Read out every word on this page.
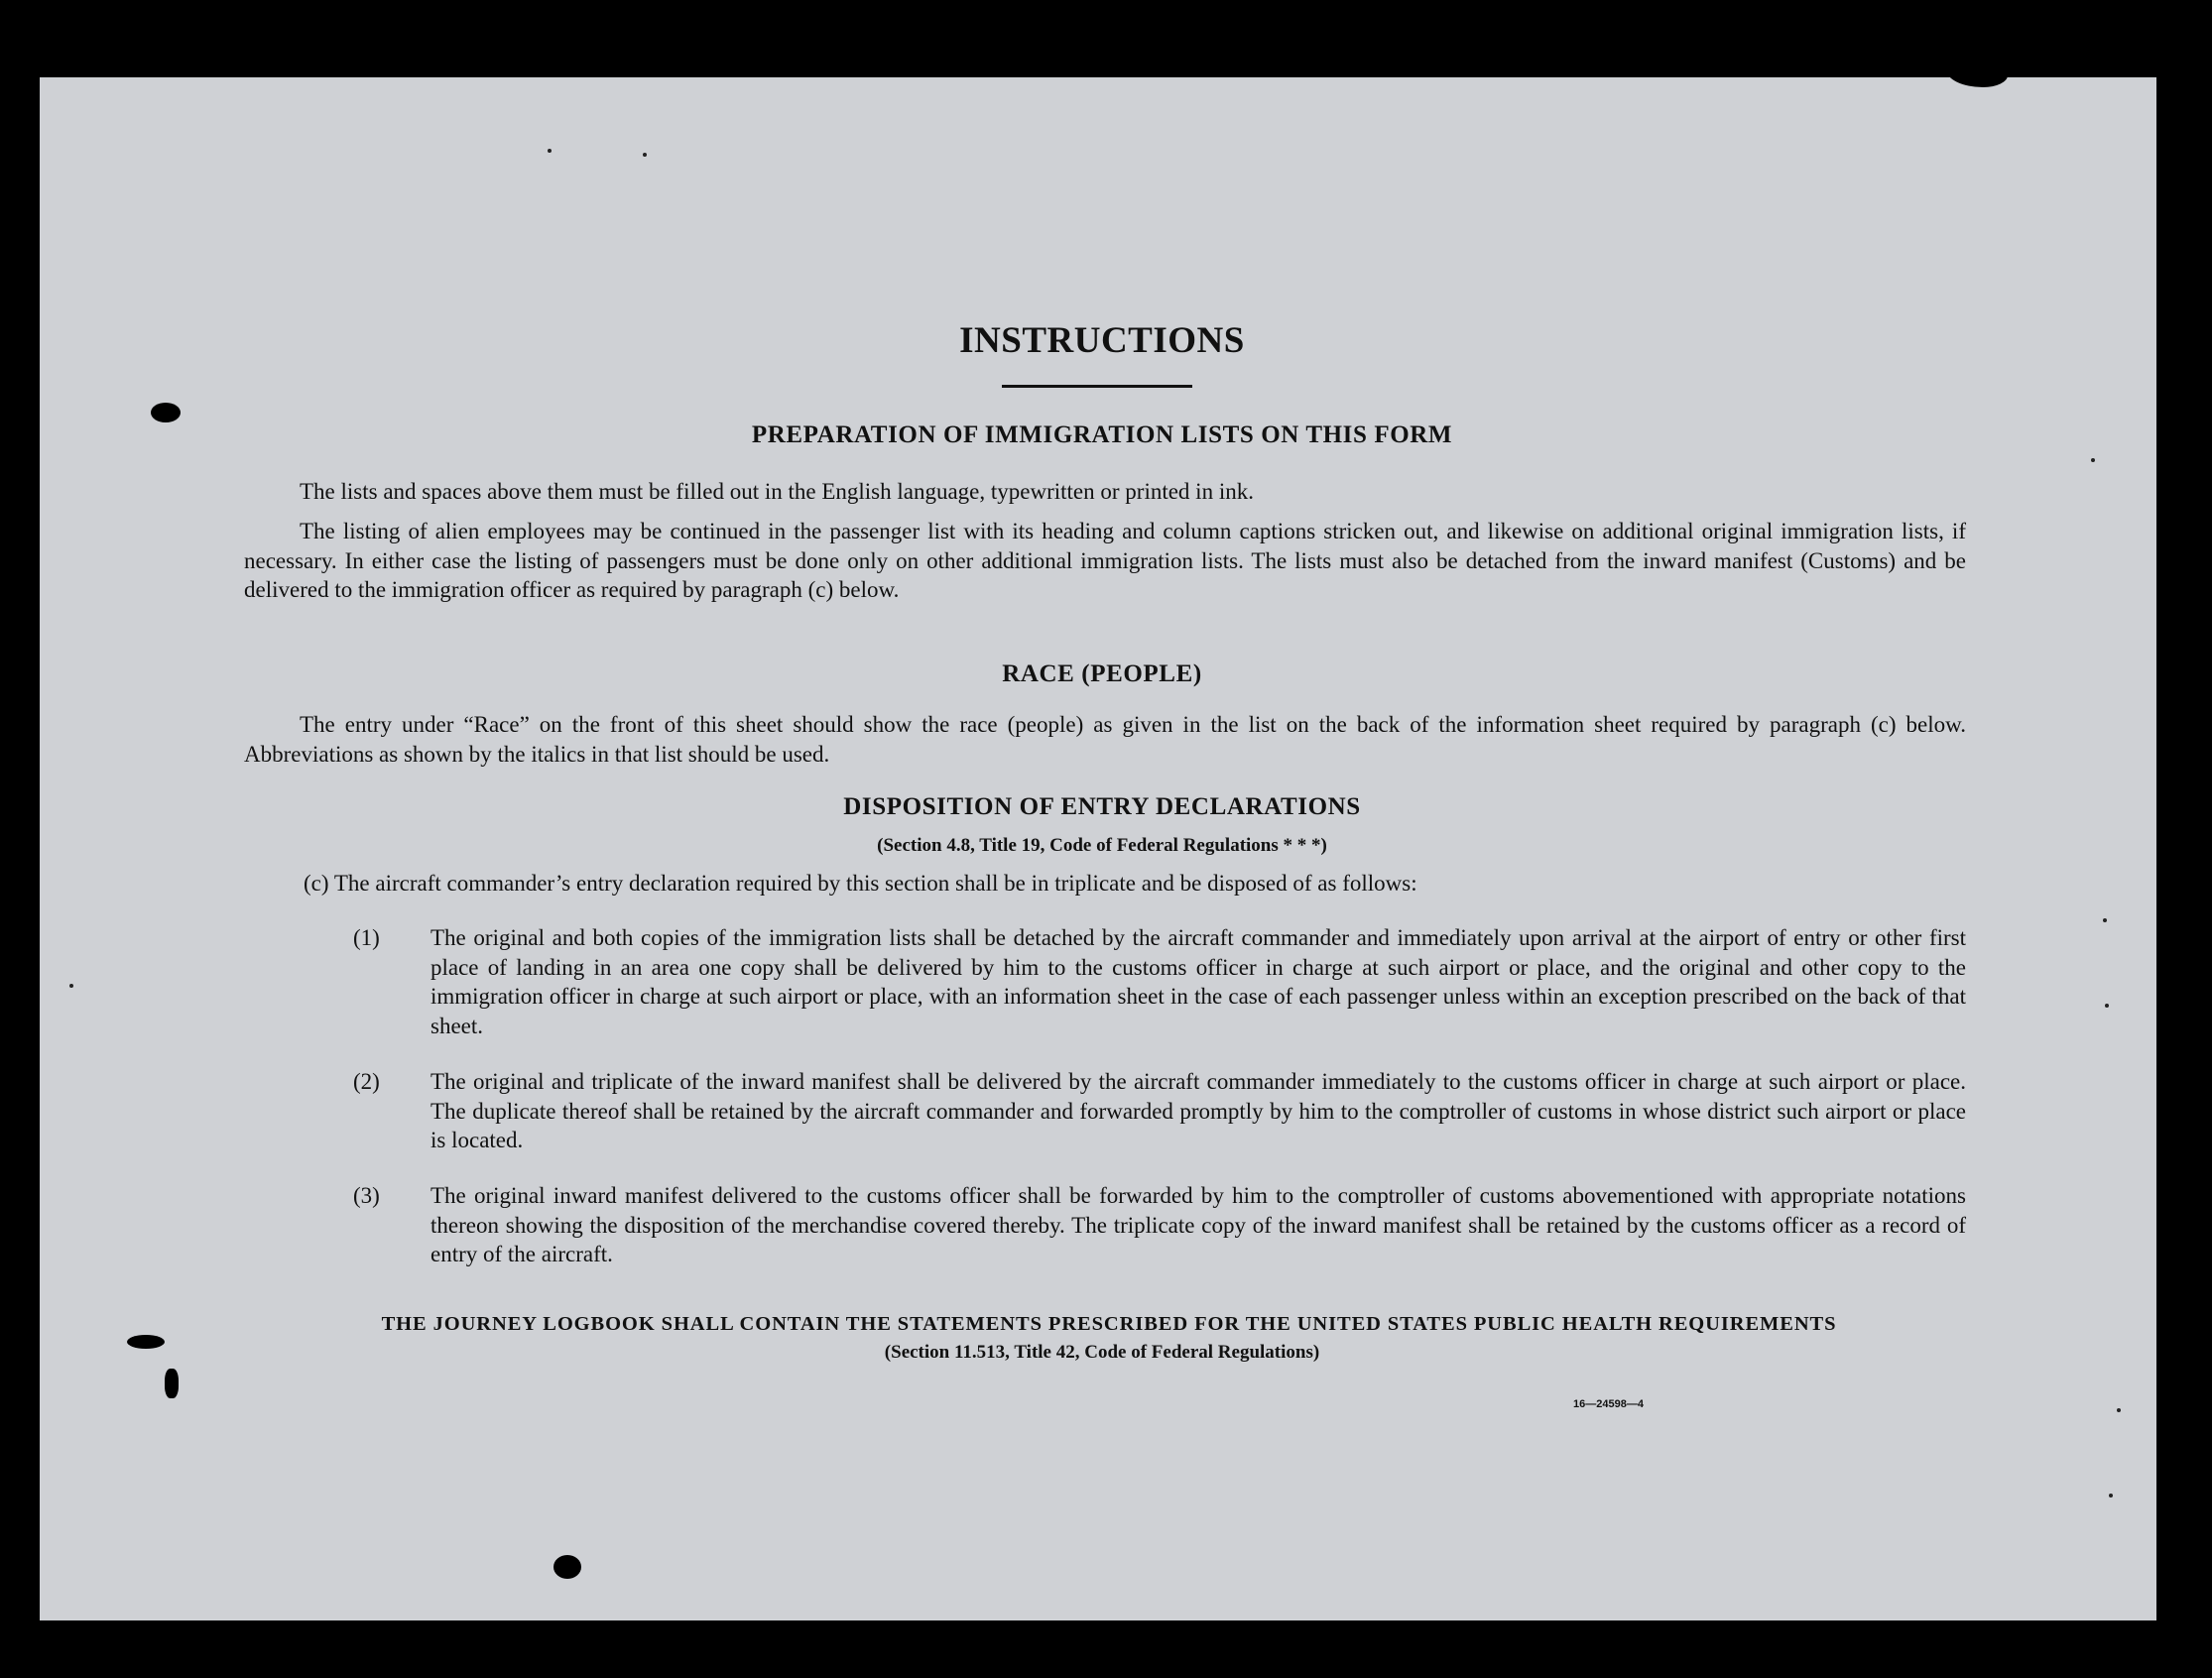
INSTRUCTIONS
PREPARATION OF IMMIGRATION LISTS ON THIS FORM

The lists and spaces above them must be filled out in the English language, typewritten or printed in ink.

The listing of alien employees may be continued in the passenger list with its heading and column captions stricken out, and likewise on additional original immigration lists, if necessary. In either case the listing of passengers must be done only on other additional immigration lists. The lists must also be detached from the inward manifest (Customs) and be delivered to the immigration officer as required by paragraph (c) below.

RACE (PEOPLE)

The entry under “Race” on the front of this sheet should show the race (people) as given in the list on the back of the information sheet required by paragraph (c) below. Abbreviations as shown by the italics in that list should be used.

DISPOSITION OF ENTRY DECLARATIONS
(Section 4.8, Title 19, Code of Federal Regulations * * *)

(c) The aircraft commander’s entry declaration required by this section shall be in triplicate and be disposed of as follows:

(1) The original and both copies of the immigration lists shall be detached by the aircraft commander and immediately upon arrival at the airport of entry or other first place of landing in an area one copy shall be delivered by him to the customs officer in charge at such airport or place, and the original and other copy to the immigration officer in charge at such airport or place, with an information sheet in the case of each passenger unless within an exception prescribed on the back of that sheet.
(2) The original and triplicate of the inward manifest shall be delivered by the aircraft commander immediately to the customs officer in charge at such airport or place. The duplicate thereof shall be retained by the aircraft commander and forwarded promptly by him to the comptroller of customs in whose district such airport or place is located.
(3) The original inward manifest delivered to the customs officer shall be forwarded by him to the comptroller of customs abovementioned with appropriate notations thereon showing the disposition of the merchandise covered thereby. The triplicate copy of the inward manifest shall be retained by the customs officer as a record of entry of the aircraft.
THE JOURNEY LOGBOOK SHALL CONTAIN THE STATEMENTS PRESCRIBED FOR THE UNITED STATES PUBLIC HEALTH REQUIREMENTS
(Section 11.513, Title 42, Code of Federal Regulations)
16—24598—4
